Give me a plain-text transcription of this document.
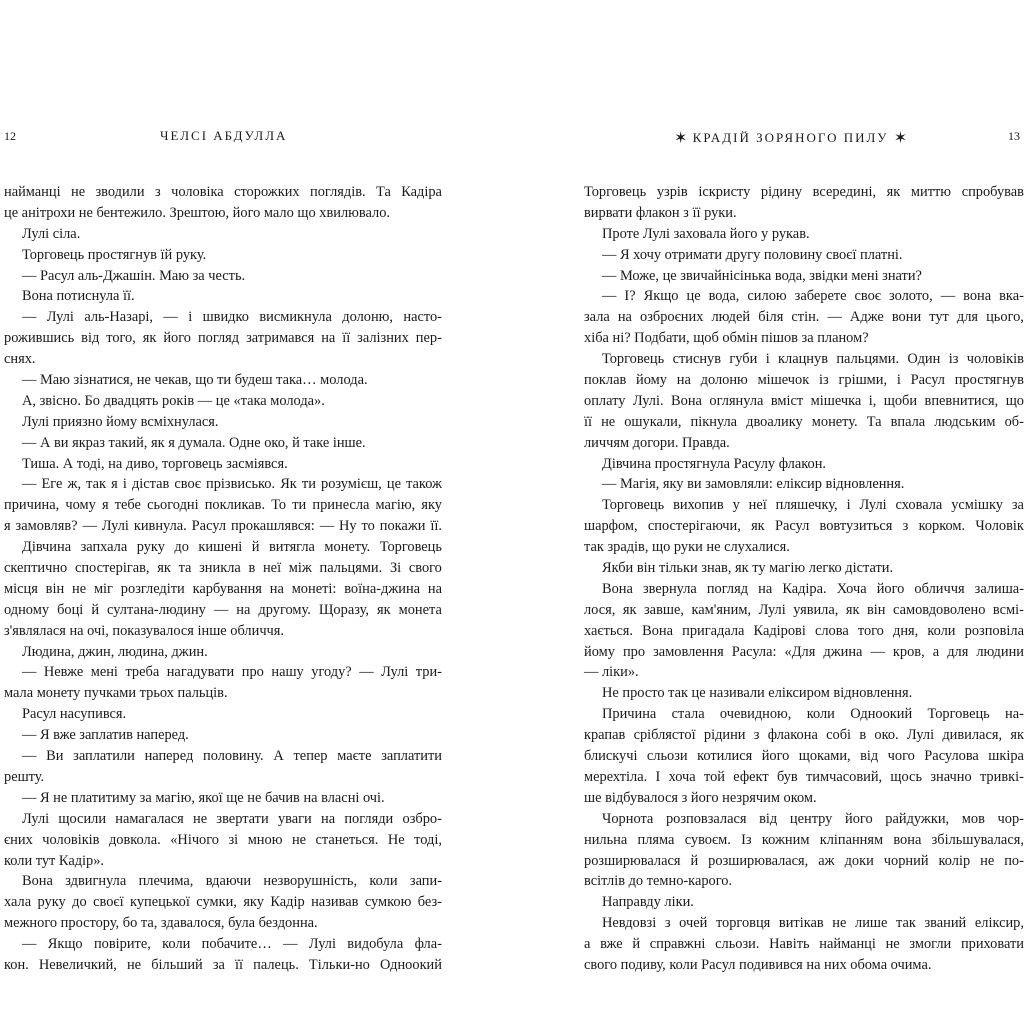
12	ЧЕЛСІ АБДУЛЛА
найманці не зводили з чоловіка сторожких поглядів. Та Кадіра
це анітрохи не бентежило. Зрештою, його мало що хвилювало.
Лулі сіла.
Торговець простягнув їй руку.
— Расул аль-Джашін. Маю за честь.
Вона потиснула її.
— Лулі аль-Назарі, — і швидко висмикнула долоню, насто-
рожившись від того, як його погляд затримався на її залізних пер-
снях.
— Маю зізнатися, не чекав, що ти будеш така… молода.
А, звісно. Бо двадцять років — це «така молода».
Лулі приязно йому всміхнулася.
— А ви якраз такий, як я думала. Одне око, й таке інше.
Тиша. А тоді, на диво, торговець засміявся.
— Еге ж, так я і дістав своє прізвисько. Як ти розумієш, це також
причина, чому я тебе сьогодні покликав. То ти принесла магію, яку
я замовляв? — Лулі кивнула. Расул прокашлявся: — Ну то покажи її.
Дівчина запхала руку до кишені й витягла монету. Торговець
скептично спостерігав, як та зникла в неї між пальцями. Зі свого
місця він не міг розгледіти карбування на монеті: воїна-джина на
одному боці й султана-людину — на другому. Щоразу, як монета
з'являлася на очі, показувалося інше обличчя.
Людина, джин, людина, джин.
— Невже мені треба нагадувати про нашу угоду? — Лулі три-
мала монету пучками трьох пальців.
Расул насупився.
— Я вже заплатив наперед.
— Ви заплатили наперед половину. А тепер маєте заплатити
решту.
— Я не платитиму за магію, якої ще не бачив на власні очі.
Лулі щосили намагалася не звертати уваги на погляди озбро-
єних чоловіків довкола. «Нічого зі мною не станеться. Не тоді,
коли тут Кадір».
Вона здвигнула плечима, вдаючи незворушність, коли запи-
хала руку до своєї купецької сумки, яку Кадір називав сумкою без-
межного простору, бо та, здавалося, була бездонна.
— Якщо повірите, коли побачите… — Лулі видобула фла-
кон. Невеличкий, не більший за її палець. Тільки-но Одноокий
✶ КРАДІЙ ЗОРЯНОГО ПИЛУ ✶	13
Торговець узрів іскристу рідину всередині, як миттю спробував
вирвати флакон з її руки.
Проте Лулі заховала його у рукав.
— Я хочу отримати другу половину своєї платні.
— Може, це звичайнісінька вода, звідки мені знати?
— І? Якщо це вода, силою заберете своє золото, — вона вка-
зала на озброєних людей біля стін. — Адже вони тут для цього,
хіба ні? Подбати, щоб обмін пішов за планом?
Торговець стиснув губи і клацнув пальцями. Один із чоловіків
поклав йому на долоню мішечок із грішми, і Расул простягнув
оплату Лулі. Вона оглянула вміст мішечка і, щоби впевнитися, що
її не ошукали, пікнула двоалику монету. Та впала людським об-
личчям догори. Правда.
Дівчина простягнула Расулу флакон.
— Магія, яку ви замовляли: еліксир відновлення.
Торговець вихопив у неї пляшечку, і Лулі сховала усмішку за
шарфом, спостерігаючи, як Расул вовтузиться з корком. Чоловік
так зрадів, що руки не слухалися.
Якби він тільки знав, як ту магію легко дістати.
Вона звернула погляд на Кадіра. Хоча його обличчя залиша-
лося, як завше, кам'яним, Лулі уявила, як він самовдоволено всмі-
хається. Вона пригадала Кадірові слова того дня, коли розповіла
йому про замовлення Расула: «Для джина — кров, а для людини
— ліки».
Не просто так це називали еліксиром відновлення.
Причина стала очевидною, коли Одноокий Торговець на-
крапав сріблястої рідини з флакона собі в око. Лулі дивилася, як
блискучі сльози котилися його щоками, від чого Расулова шкіра
мерехтіла. І хоча той ефект був тимчасовий, щось значно тривкі-
ше відбувалося з його незрячим оком.
Чорнота розповзалася від центру його райдужки, мов чор-
нильна пляма сувоєм. Із кожним кліпанням вона збільшувалася,
розширювалася й розширювалася, аж доки чорний колір не по-
всітлів до темно-карого.
Направду ліки.
Невдовзі з очей торговця витікав не лише так званий еліксир,
а вже й справжні сльози. Навіть найманці не змогли приховати
свого подиву, коли Расул подивився на них обома очима.
